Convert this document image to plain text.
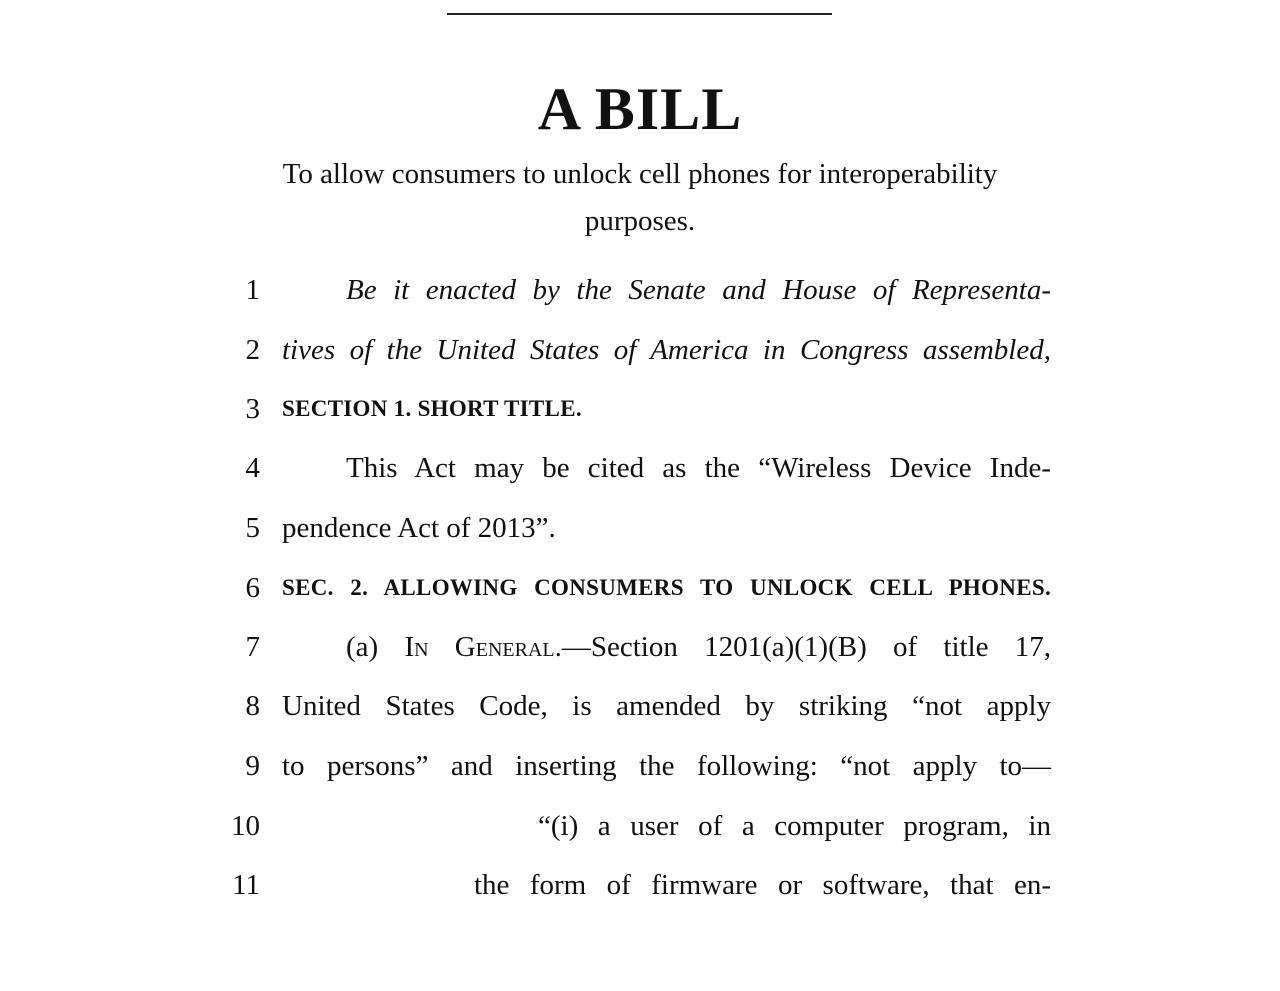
A BILL
To allow consumers to unlock cell phones for interoperability
purposes.
1	Be it enacted by the Senate and House of Representa-
2 tives of the United States of America in Congress assembled,
3 SECTION 1. SHORT TITLE.
4	This Act may be cited as the “Wireless Device Inde-
5 pendence Act of 2013”.
6 SEC. 2. ALLOWING CONSUMERS TO UNLOCK CELL PHONES.
7	(a) In General.—Section 1201(a)(1)(B) of title 17,
8 United States Code, is amended by striking “not apply
9 to persons” and inserting the following: “not apply to—
10	“(i) a user of a computer program, in
11	the form of firmware or software, that en-
